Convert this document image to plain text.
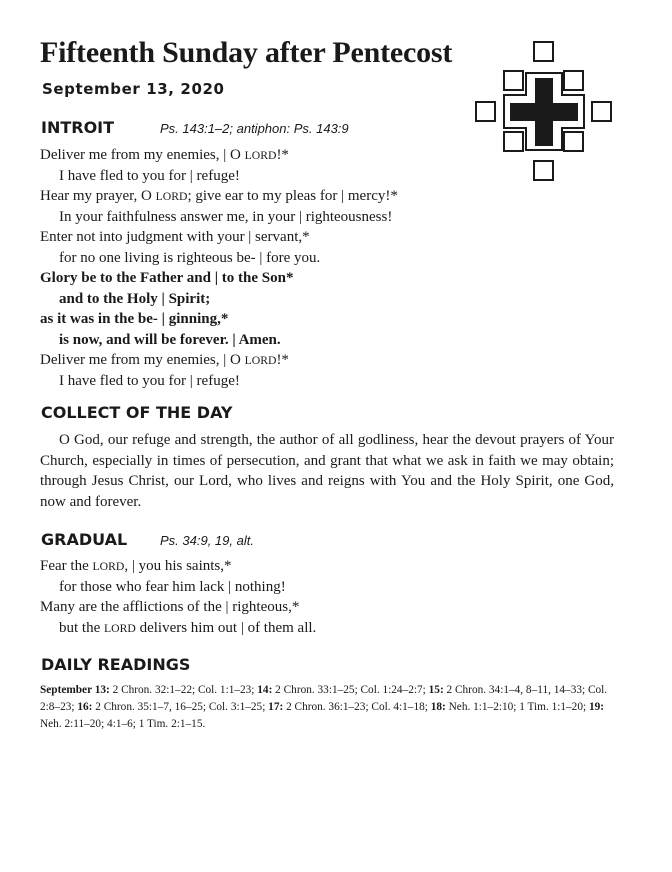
Fifteenth Sunday after Pentecost
September 13, 2020
INTROIT	Ps. 143:1–2; antiphon: Ps. 143:9
Deliver me from my enemies, | O LORD!*
I have fled to you for | refuge!
Hear my prayer, O LORD; give ear to my pleas for | mercy!*
In your faithfulness answer me, in your | righteousness!
Enter not into judgment with your | servant,*
for no one living is righteous be- | fore you.
Glory be to the Father and | to the Son*
and to the Holy | Spirit;
as it was in the be- | ginning,*
is now, and will be forever. | Amen.
Deliver me from my enemies, | O LORD!*
I have fled to you for | refuge!
COLLECT OF THE DAY

O God, our refuge and strength, the author of all godliness, hear the devout prayers of Your Church, especially in times of persecution, and grant that what we ask in faith we may obtain; through Jesus Christ, our Lord, who lives and reigns with You and the Holy Spirit, one God, now and forever.

GRADUAL	Ps. 34:9, 19, alt.
Fear the LORD, | you his saints,*
for those who fear him lack | nothing!
Many are the afflictions of the | righteous,*
but the LORD delivers him out | of them all.
DAILY READINGS

September 13: 2 Chron. 32:1–22; Col. 1:1–23; 14: 2 Chron. 33:1–25; Col. 1:24–2:7; 15: 2 Chron. 34:1–4, 8–11, 14–33; Col. 2:8–23; 16: 2 Chron. 35:1–7, 16–25; Col. 3:1–25; 17: 2 Chron. 36:1–23; Col. 4:1–18; 18: Neh. 1:1–2:10; 1 Tim. 1:1–20; 19: Neh. 2:11–20; 4:1–6; 1 Tim. 2:1–15.
